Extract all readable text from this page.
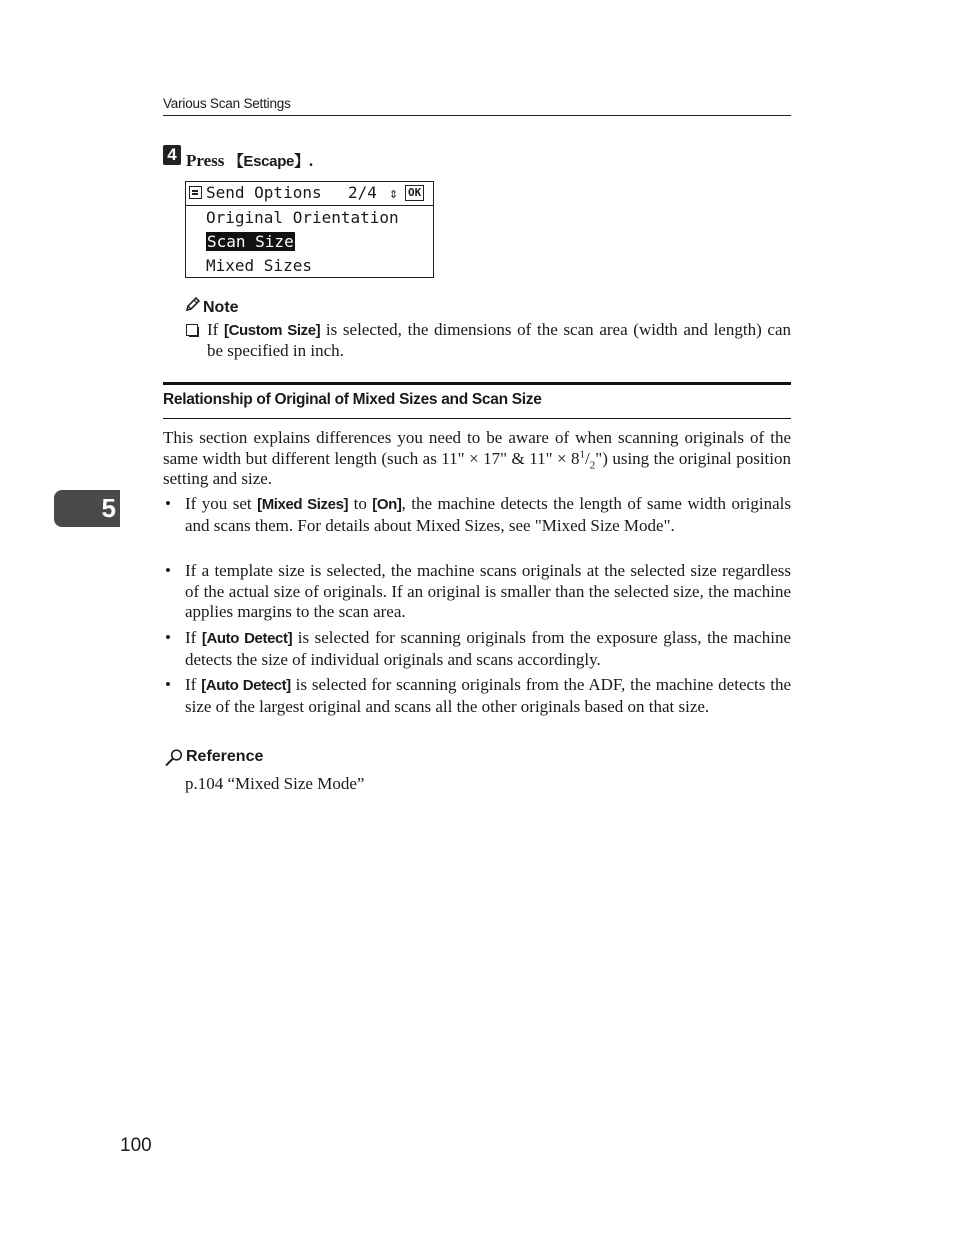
Various Scan Settings
4 Press 【Escape】.
Send Options 2/4 ⇕ OK
Original Orientation
Scan Size
Mixed Sizes
Note
If [Custom Size] is selected, the dimensions of the scan area (width and length) can be specified in inch.
Relationship of Original of Mixed Sizes and Scan Size
5
This section explains differences you need to be aware of when scanning originals of the same width but different length (such as 11" × 17" & 11" × $8^1/_2$") using the original position setting and size.
• If you set [Mixed Sizes] to [On], the machine detects the length of same width originals and scans them. For details about Mixed Sizes, see "Mixed Size Mode".
• If a template size is selected, the machine scans originals at the selected size regardless of the actual size of originals. If an original is smaller than the selected size, the machine applies margins to the scan area.
• If [Auto Detect] is selected for scanning originals from the exposure glass, the machine detects the size of individual originals and scans accordingly.
• If [Auto Detect] is selected for scanning originals from the ADF, the machine detects the size of the largest original and scans all the other originals based on that size.
Reference
p.104 “Mixed Size Mode”
100
